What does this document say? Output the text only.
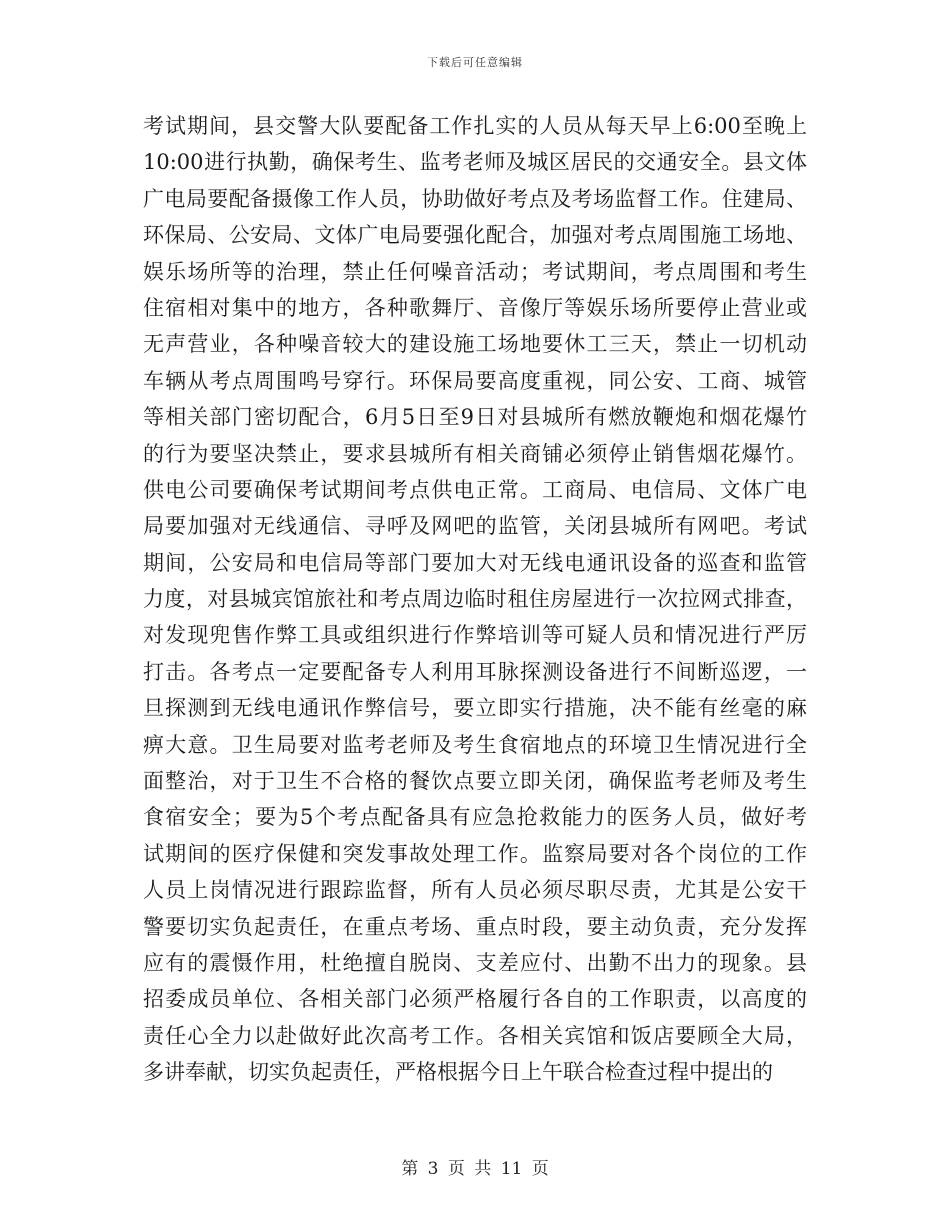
下载后可任意编辑
考试期间，县交警大队要配备工作扎实的人员从每天早上6:00至晚上
10:00进行执勤，确保考生、监考老师及城区居民的交通安全。县文体
广电局要配备摄像工作人员，协助做好考点及考场监督工作。住建局、
环保局、公安局、文体广电局要强化配合，加强对考点周围施工场地、
娱乐场所等的治理，禁止任何噪音活动；考试期间，考点周围和考生
住宿相对集中的地方，各种歌舞厅、音像厅等娱乐场所要停止营业或
无声营业，各种噪音较大的建设施工场地要休工三天，禁止一切机动
车辆从考点周围鸣号穿行。环保局要高度重视，同公安、工商、城管
等相关部门密切配合，6月5日至9日对县城所有燃放鞭炮和烟花爆竹
的行为要坚决禁止，要求县城所有相关商铺必须停止销售烟花爆竹。
供电公司要确保考试期间考点供电正常。工商局、电信局、文体广电
局要加强对无线通信、寻呼及网吧的监管，关闭县城所有网吧。考试
期间，公安局和电信局等部门要加大对无线电通讯设备的巡查和监管
力度，对县城宾馆旅社和考点周边临时租住房屋进行一次拉网式排查，
对发现兜售作弊工具或组织进行作弊培训等可疑人员和情况进行严厉
打击。各考点一定要配备专人利用耳脉探测设备进行不间断巡逻，一
旦探测到无线电通讯作弊信号，要立即实行措施，决不能有丝毫的麻
痹大意。卫生局要对监考老师及考生食宿地点的环境卫生情况进行全
面整治，对于卫生不合格的餐饮点要立即关闭，确保监考老师及考生
食宿安全；要为5个考点配备具有应急抢救能力的医务人员，做好考
试期间的医疗保健和突发事故处理工作。监察局要对各个岗位的工作
人员上岗情况进行跟踪监督，所有人员必须尽职尽责，尤其是公安干
警要切实负起责任，在重点考场、重点时段，要主动负责，充分发挥
应有的震慑作用，杜绝擅自脱岗、支差应付、出勤不出力的现象。县
招委成员单位、各相关部门必须严格履行各自的工作职责，以高度的
责任心全力以赴做好此次高考工作。各相关宾馆和饭店要顾全大局，
多讲奉献，切实负起责任，严格根据今日上午联合检查过程中提出的
第 3 页 共 11 页
